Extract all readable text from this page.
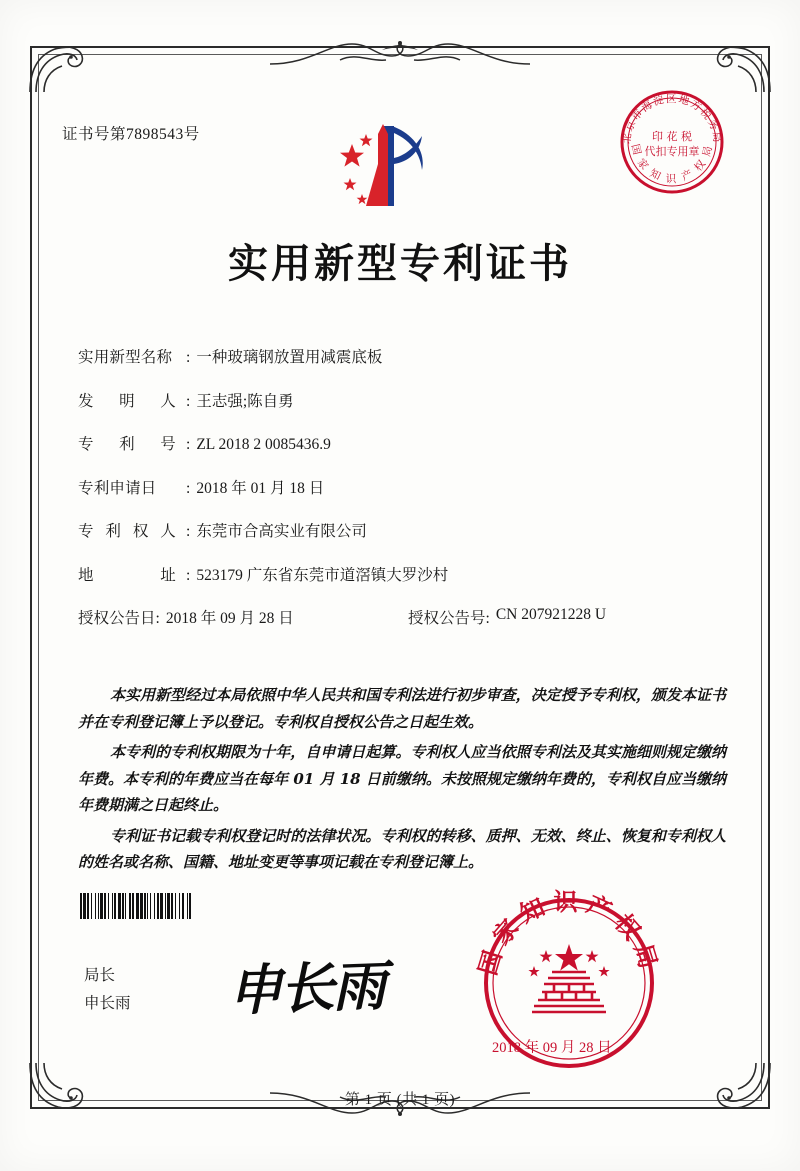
证书号第7898543号	北京市海淀区地方税务局
国 家 知 识 产 权 局
印 花 税
代扣专用章
实用新型专利证书
实用新型名称 : 一种玻璃钢放置用减震底板
发 明 人 : 王志强;陈自勇
专 利 号 : ZL 2018 2 0085436.9
专利申请日	: 2018 年 01 月 18 日
专 利 权 人 : 东莞市合高实业有限公司
地	址 : 523179 广东省东莞市道滘镇大罗沙村
授权公告日: 2018 年 09 月 28 日	授权公告号: CN 207921228 U

本实用新型经过本局依照中华人民共和国专利法进行初步审查，决定授予专利权，颁发本证书并在专利登记簿上予以登记。专利权自授权公告之日起生效。

本专利的专利权期限为十年，自申请日起算。专利权人应当依照专利法及其实施细则规定缴纳年费。本专利的年费应当在每年 01 月 18 日前缴纳。未按照规定缴纳年费的，专利权自应当缴纳年费期满之日起终止。

专利证书记载专利权登记时的法律状况。专利权的转移、质押、无效、终止、恢复和专利权人的姓名或名称、国籍、地址变更等事项记载在专利登记簿上。

局长
申长雨 申长雨	国家知识产权局
2018 年 09 月 28 日
第 1 页 (共 1 页)
